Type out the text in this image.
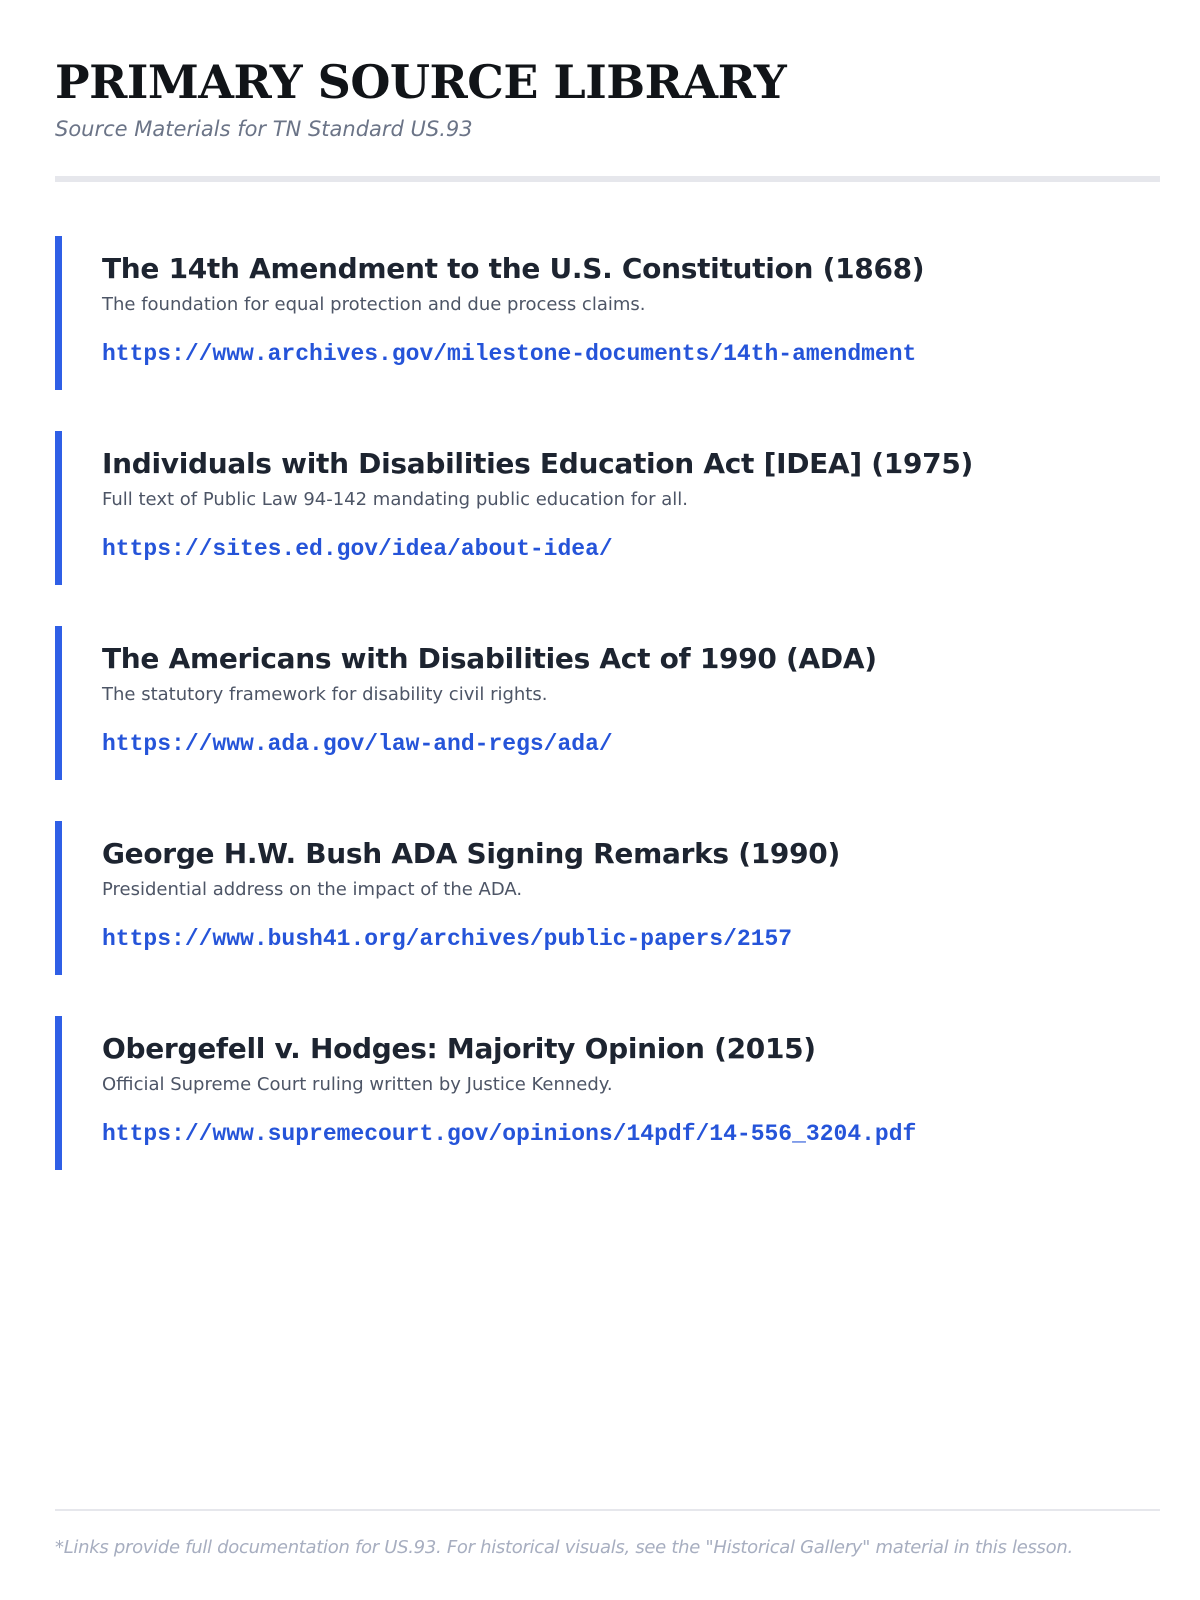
PRIMARY SOURCE LIBRARY
Source Materials for TN Standard US.93
The 14th Amendment to the U.S. Constitution (1868)
The foundation for equal protection and due process claims.
https://www.archives.gov/milestone-documents/14th-amendment
Individuals with Disabilities Education Act [IDEA] (1975)
Full text of Public Law 94-142 mandating public education for all.
https://sites.ed.gov/idea/about-idea/
The Americans with Disabilities Act of 1990 (ADA)
The statutory framework for disability civil rights.
https://www.ada.gov/law-and-regs/ada/
George H.W. Bush ADA Signing Remarks (1990)
Presidential address on the impact of the ADA.
https://www.bush41.org/archives/public-papers/2157
Obergefell v. Hodges: Majority Opinion (2015)
Official Supreme Court ruling written by Justice Kennedy.
https://www.supremecourt.gov/opinions/14pdf/14-556_3204.pdf
*Links provide full documentation for US.93. For historical visuals, see the "Historical Gallery" material in this lesson.
